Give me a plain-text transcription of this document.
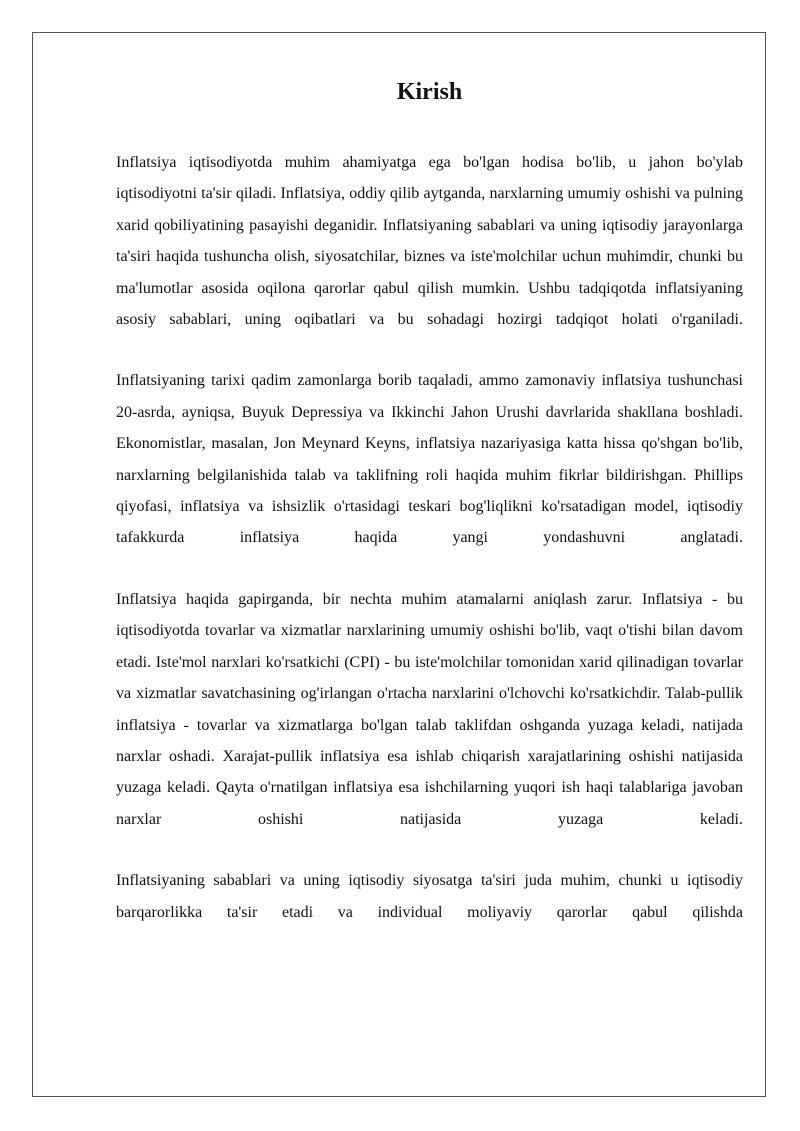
Kirish

Inflatsiya iqtisodiyotda muhim ahamiyatga ega bo'lgan hodisa bo'lib, u jahon bo'ylab iqtisodiyotni ta'sir qiladi. Inflatsiya, oddiy qilib aytganda, narxlarning umumiy oshishi va pulning xarid qobiliyatining pasayishi deganidir. Inflatsiyaning sabablari va uning iqtisodiy jarayonlarga ta'siri haqida tushuncha olish, siyosatchilar, biznes va iste'molchilar uchun muhimdir, chunki bu ma'lumotlar asosida oqilona qarorlar qabul qilish mumkin. Ushbu tadqiqotda inflatsiyaning asosiy sabablari, uning oqibatlari va bu sohadagi hozirgi tadqiqot holati o'rganiladi.

Inflatsiyaning tarixi qadim zamonlarga borib taqaladi, ammo zamonaviy inflatsiya tushunchasi 20-asrda, ayniqsa, Buyuk Depressiya va Ikkinchi Jahon Urushi davrlarida shakllana boshladi. Ekonomistlar, masalan, Jon Meynard Keyns, inflatsiya nazariyasiga katta hissa qo'shgan bo'lib, narxlarning belgilanishida talab va taklifning roli haqida muhim fikrlar bildirishgan. Phillips qiyofasi, inflatsiya va ishsizlik o'rtasidagi teskari bog'liqlikni ko'rsatadigan model, iqtisodiy tafakkurda inflatsiya haqida yangi yondashuvni anglatadi.

Inflatsiya haqida gapirganda, bir nechta muhim atamalarni aniqlash zarur. Inflatsiya - bu iqtisodiyotda tovarlar va xizmatlar narxlarining umumiy oshishi bo'lib, vaqt o'tishi bilan davom etadi. Iste'mol narxlari ko'rsatkichi (CPI) - bu iste'molchilar tomonidan xarid qilinadigan tovarlar va xizmatlar savatchasining og'irlangan o'rtacha narxlarini o'lchovchi ko'rsatkichdir. Talab-pullik inflatsiya - tovarlar va xizmatlarga bo'lgan talab taklifdan oshganda yuzaga keladi, natijada narxlar oshadi. Xarajat-pullik inflatsiya esa ishlab chiqarish xarajatlarining oshishi natijasida yuzaga keladi. Qayta o'rnatilgan inflatsiya esa ishchilarning yuqori ish haqi talablariga javoban narxlar oshishi natijasida yuzaga keladi.

Inflatsiyaning sabablari va uning iqtisodiy siyosatga ta'siri juda muhim, chunki u iqtisodiy barqarorlikka ta'sir etadi va individual moliyaviy qarorlar qabul qilishda
